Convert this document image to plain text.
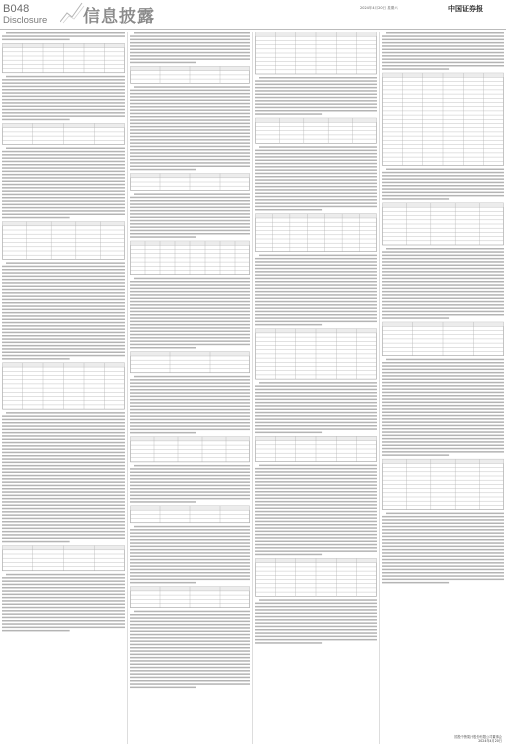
B048
Disclosure 信息披露	2024年4月20日 星期六	中国证券报
国投中鲁果汁股份有限公司董事会
2024年4月20日
